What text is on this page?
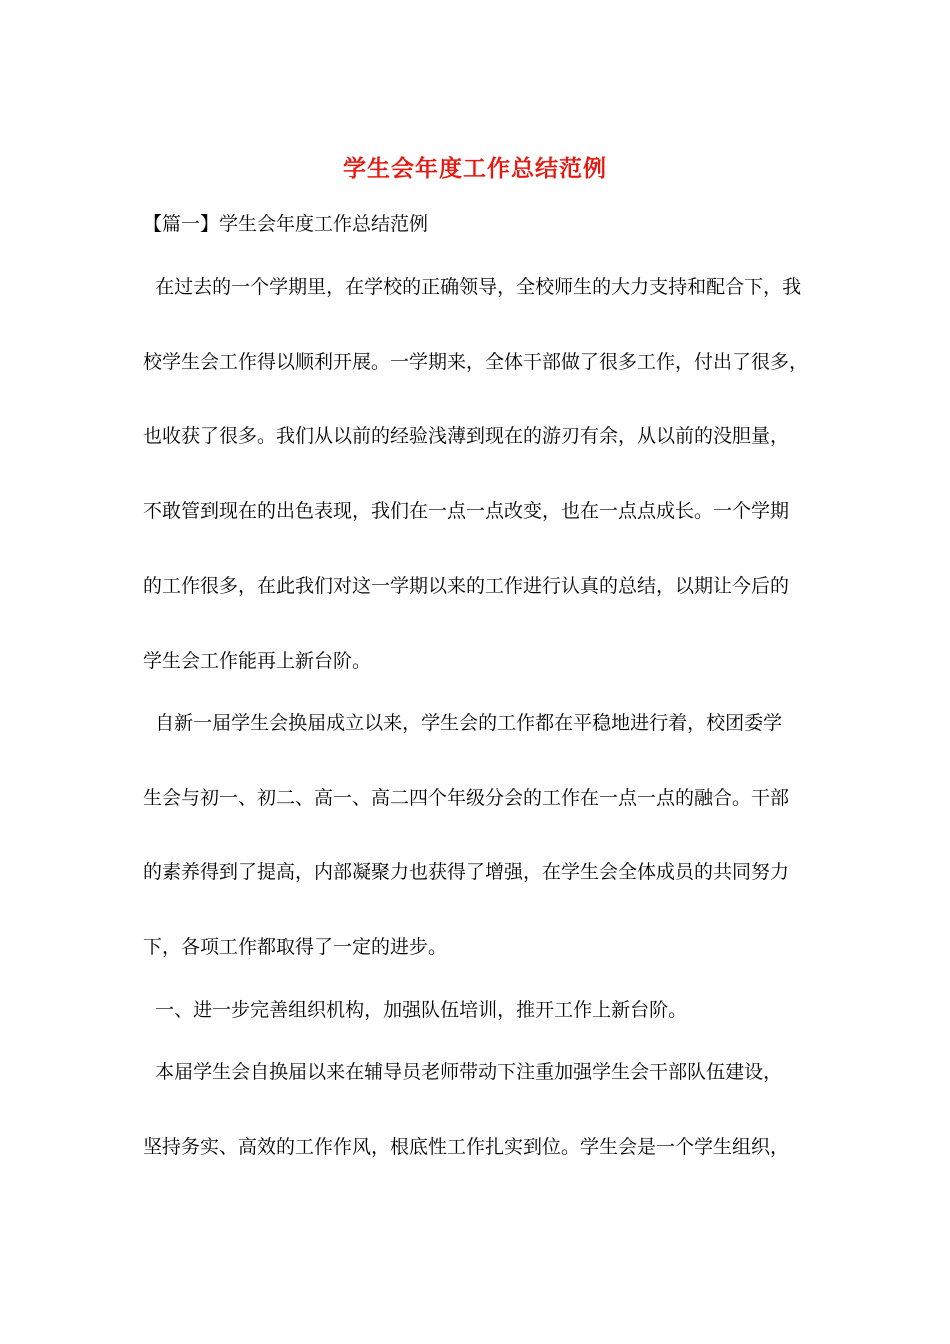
学生会年度工作总结范例
【篇一】学生会年度工作总结范例
在过去的一个学期里，在学校的正确领导，全校师生的大力支持和配合下，我
校学生会工作得以顺利开展。一学期来，全体干部做了很多工作，付出了很多，
也收获了很多。我们从以前的经验浅薄到现在的游刃有余，从以前的没胆量，
不敢管到现在的出色表现，我们在一点一点改变，也在一点点成长。一个学期
的工作很多，在此我们对这一学期以来的工作进行认真的总结，以期让今后的
学生会工作能再上新台阶。
自新一届学生会换届成立以来，学生会的工作都在平稳地进行着，校团委学
生会与初一、初二、高一、高二四个年级分会的工作在一点一点的融合。干部
的素养得到了提高，内部凝聚力也获得了增强，在学生会全体成员的共同努力
下，各项工作都取得了一定的进步。
一、进一步完善组织机构，加强队伍培训，推开工作上新台阶。
本届学生会自换届以来在辅导员老师带动下注重加强学生会干部队伍建设，
坚持务实、高效的工作作风，根底性工作扎实到位。学生会是一个学生组织，
